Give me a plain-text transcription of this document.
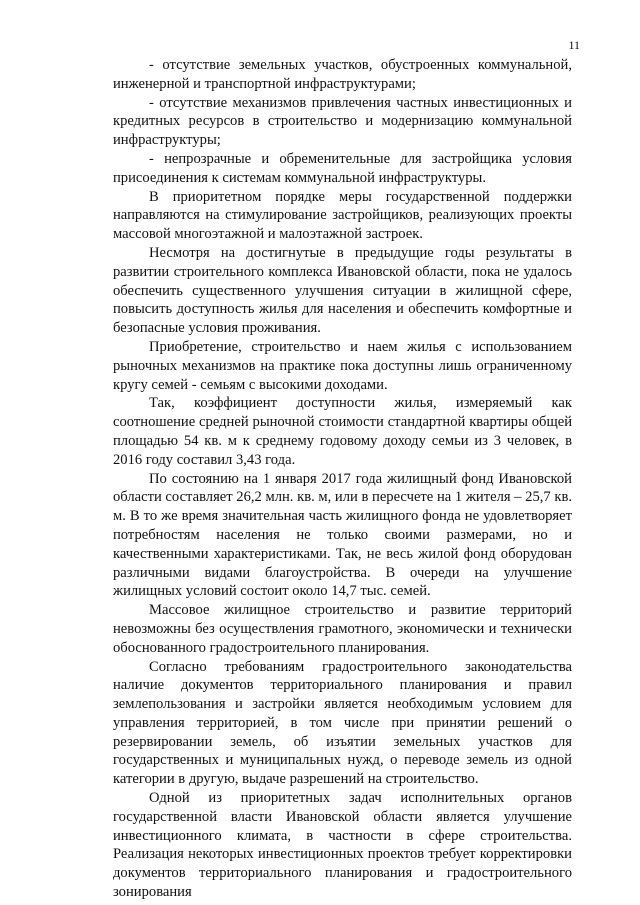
11

- отсутствие земельных участков, обустроенных коммунальной, инженерной и транспортной инфраструктурами;

- отсутствие механизмов привлечения частных инвестиционных и кредитных ресурсов в строительство и модернизацию коммунальной инфраструктуры;

- непрозрачные и обременительные для застройщика условия присоединения к системам коммунальной инфраструктуры.

В приоритетном порядке меры государственной поддержки направляются на стимулирование застройщиков, реализующих проекты массовой многоэтажной и малоэтажной застроек.

Несмотря на достигнутые в предыдущие годы результаты в развитии строительного комплекса Ивановской области, пока не удалось обеспечить существенного улучшения ситуации в жилищной сфере, повысить доступность жилья для населения и обеспечить комфортные и безопасные условия проживания.

Приобретение, строительство и наем жилья с использованием рыночных механизмов на практике пока доступны лишь ограниченному кругу семей - семьям с высокими доходами.

Так, коэффициент доступности жилья, измеряемый как соотношение средней рыночной стоимости стандартной квартиры общей площадью 54 кв. м к среднему годовому доходу семьи из 3 человек, в 2016 году составил 3,43 года.

По состоянию на 1 января 2017 года жилищный фонд Ивановской области составляет 26,2 млн. кв. м, или в пересчете на 1 жителя – 25,7 кв. м. В то же время значительная часть жилищного фонда не удовлетворяет потребностям населения не только своими размерами, но и качественными характеристиками. Так, не весь жилой фонд оборудован различными видами благоустройства. В очереди на улучшение жилищных условий состоит около 14,7 тыс. семей.

Массовое жилищное строительство и развитие территорий невозможны без осуществления грамотного, экономически и технически обоснованного градостроительного планирования.

Согласно требованиям градостроительного законодательства наличие документов территориального планирования и правил землепользования и застройки является необходимым условием для управления территорией, в том числе при принятии решений о резервировании земель, об изъятии земельных участков для государственных и муниципальных нужд, о переводе земель из одной категории в другую, выдаче разрешений на строительство.

Одной из приоритетных задач исполнительных органов государственной власти Ивановской области является улучшение инвестиционного климата, в частности в сфере строительства. Реализация некоторых инвестиционных проектов требует корректировки документов территориального планирования и градостроительного зонирования
